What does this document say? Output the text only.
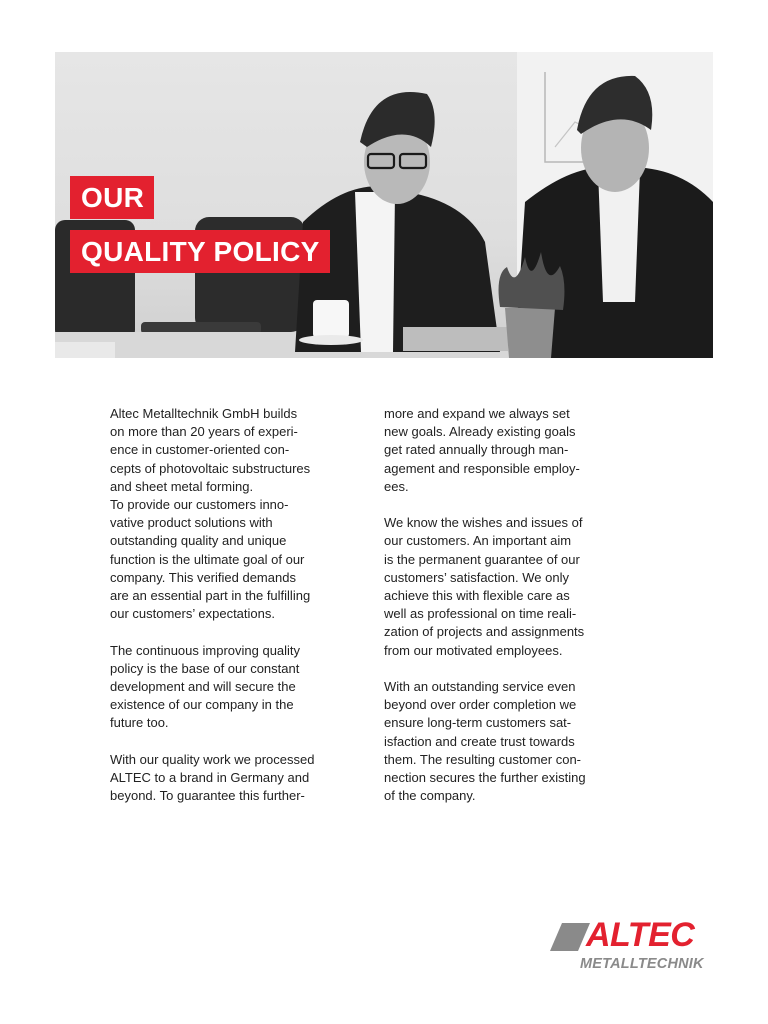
OUR
QUALITY POLICY

Altec Metalltechnik GmbH builds
on more than 20 years of experi-
ence in customer-oriented con-
cepts of photovoltaic substructures
and sheet metal forming.
To provide our customers inno-
vative product solutions with
outstanding quality and unique
function is the ultimate goal of our
company. This verified demands
are an essential part in the fulfilling
our customers’ expectations.

The continuous improving quality
policy is the base of our constant
development and will secure the
existence of our company in the
future too.

With our quality work we processed
ALTEC to a brand in Germany and
beyond. To guarantee this further-

more and expand we always set
new goals. Already existing goals
get rated annually through man-
agement and responsible employ-
ees.

We know the wishes and issues of
our customers. An important aim
is the permanent guarantee of our
customers’ satisfaction. We only
achieve this with flexible care as
well as professional on time reali-
zation of projects and assignments
from our motivated employees.

With an outstanding service even
beyond over order completion we
ensure long-term customers sat-
isfaction and create trust towards
them. The resulting customer con-
nection secures the further existing
of the company.

ALTEC
METALLTECHNIK
